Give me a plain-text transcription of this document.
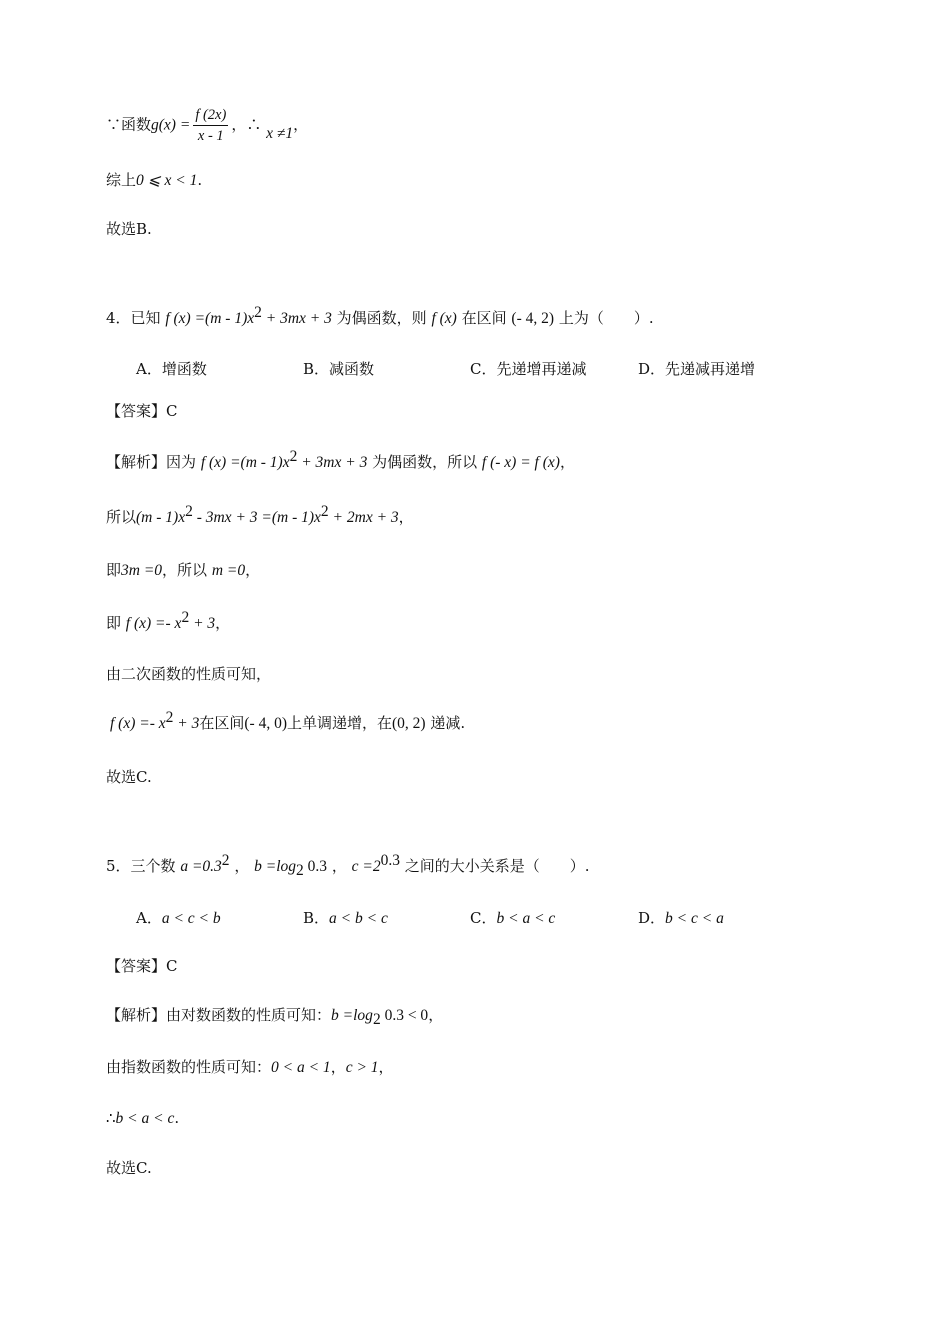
∵函数$g(x) = \frac{f (2x)}{x - 1}$ ，∴ x ≠1，
综上0 ⩽ x < 1.
故选B.
4．已知 f $(x) =(m - 1)x^2 + 3mx + 3$ 为偶函数，则 f (x) 在区间 (- 4, 2) 上为（　　）.
A．增函数	B．减函数	C．先递增再递减	D．先递减再递增
【答案】C
【解析】因为 f $(x) =(m - 1)x^2 + 3mx + 3$ 为偶函数，所以 f (- x) = f (x)，
所以$(m - 1)x^2 - 3mx + 3 =(m - 1)x^2 + 2mx + 3$，
即3m =0，所以 m =0，
即 f $(x) =- x^2 + 3$，
由二次函数的性质可知，
f $(x) =- x^2 + 3$在区间(- 4, 0)上单调递增，在(0, 2) 递减.
故选C.
5．三个数 $a =0.3^2$ ， $b =\log_2$ 0.3 ， $c =2^{0.3}$ 之间的大小关系是（　　）.
A．a < c < b	B．a < b < c	C．b < a < c	D．b < c < a
【答案】C
【解析】由对数函数的性质可知：$b =\log_2$ 0.3 < 0，
由指数函数的性质可知：0 < a < 1，c > 1，
∴b < a < c.
故选C.
